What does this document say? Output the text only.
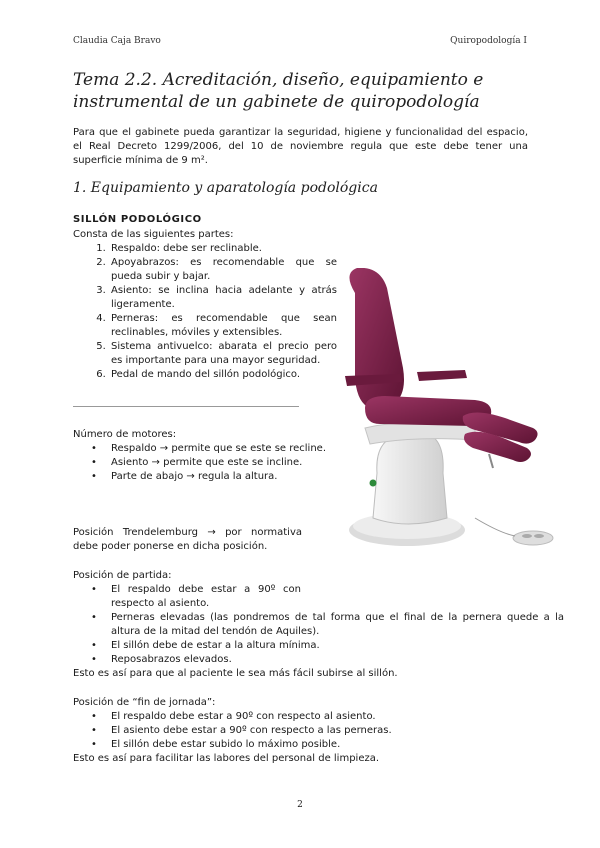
Claudia Caja Bravo	Quiropodología I
Tema 2.2. Acreditación, diseño, equipamiento e instrumental de un gabinete de quiropodología

Para que el gabinete pueda garantizar la seguridad, higiene y funcionalidad del espacio, el Real Decreto 1299/2006, del 10 de noviembre regula que este debe tener una superficie mínima de 9 m².

1. Equipamiento y aparatología podológica
SILLÓN PODOLÓGICO

Consta de las siguientes partes:

1. Respaldo: debe ser reclinable.
2. Apoyabrazos: es recomendable que se pueda subir y bajar.
3. Asiento: se inclina hacia adelante y atrás ligeramente.
4. Perneras: es recomendable que sean reclinables, móviles y extensibles.
5. Sistema antivuelco: abarata el precio pero es importante para una mayor seguridad.
6. Pedal de mando del sillón podológico.

Número de motores:

• Respaldo → permite que se este se recline.
• Asiento → permite que este se incline.
• Parte de abajo → regula la altura.

Posición Trendelemburg → por normativa debe poder ponerse en dicha posición.

Posición de partida:

• El respaldo debe estar a 90º con respecto al asiento.
• Perneras elevadas (las pondremos de tal forma que el final de la pernera quede a la altura de la mitad del tendón de Aquiles).
• El sillón debe de estar a la altura mínima.
• Reposabrazos elevados.

Esto es así para que al paciente le sea más fácil subirse al sillón.

Posición de “fin de jornada”:

• El respaldo debe estar a 90º con respecto al asiento.
• El asiento debe estar a 90º con respecto a las perneras.
• El sillón debe estar subido lo máximo posible.

Esto es así para facilitar las labores del personal de limpieza.

2
